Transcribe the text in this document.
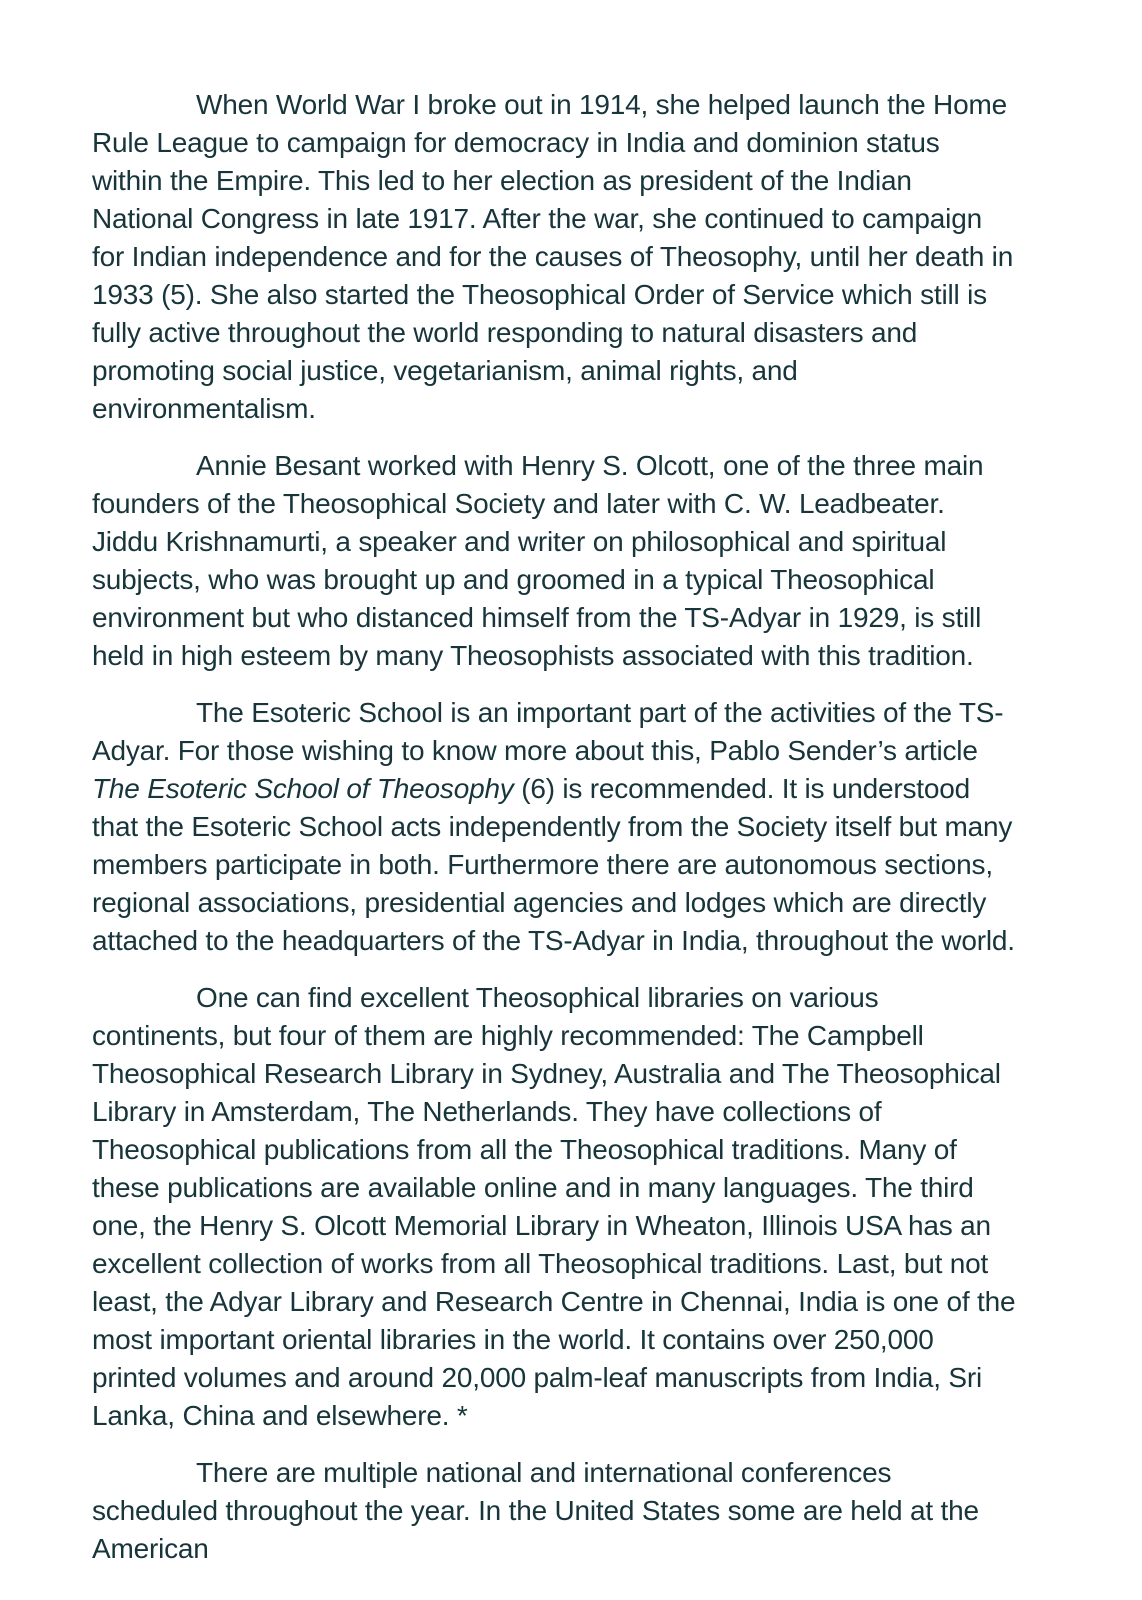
When World War I broke out in 1914, she helped launch the Home Rule League to campaign for democracy in India and dominion status within the Empire. This led to her election as president of the Indian National Congress in late 1917. After the war, she continued to campaign for Indian independence and for the causes of Theosophy, until her death in 1933 (5). She also started the Theosophical Order of Service which still is fully active throughout the world responding to natural disasters and promoting social justice, vegetarianism, animal rights, and environmentalism.

Annie Besant worked with Henry S. Olcott, one of the three main founders of the Theosophical Society and later with C. W. Leadbeater. Jiddu Krishnamurti, a speaker and writer on philosophical and spiritual subjects, who was brought up and groomed in a typical Theosophical environment but who distanced himself from the TS-Adyar in 1929, is still held in high esteem by many Theosophists associated with this tradition.

The Esoteric School is an important part of the activities of the TS-Adyar. For those wishing to know more about this, Pablo Sender’s article The Esoteric School of Theosophy (6) is recommended. It is understood that the Esoteric School acts independently from the Society itself but many members participate in both. Furthermore there are autonomous sections, regional associations, presidential agencies and lodges which are directly attached to the headquarters of the TS-Adyar in India, throughout the world.

One can find excellent Theosophical libraries on various continents, but four of them are highly recommended: The Campbell Theosophical Research Library in Sydney, Australia and The Theosophical Library in Amsterdam, The Netherlands. They have collections of Theosophical publications from all the Theosophical traditions. Many of these publications are available online and in many languages. The third one, the Henry S. Olcott Memorial Library in Wheaton, Illinois USA has an excellent collection of works from all Theosophical traditions. Last, but not least, the Adyar Library and Research Centre in Chennai, India is one of the most important oriental libraries in the world. It contains over 250,000 printed volumes and around 20,000 palm-leaf manuscripts from India, Sri Lanka, China and elsewhere. *

There are multiple national and international conferences scheduled throughout the year. In the United States some are held at the American
